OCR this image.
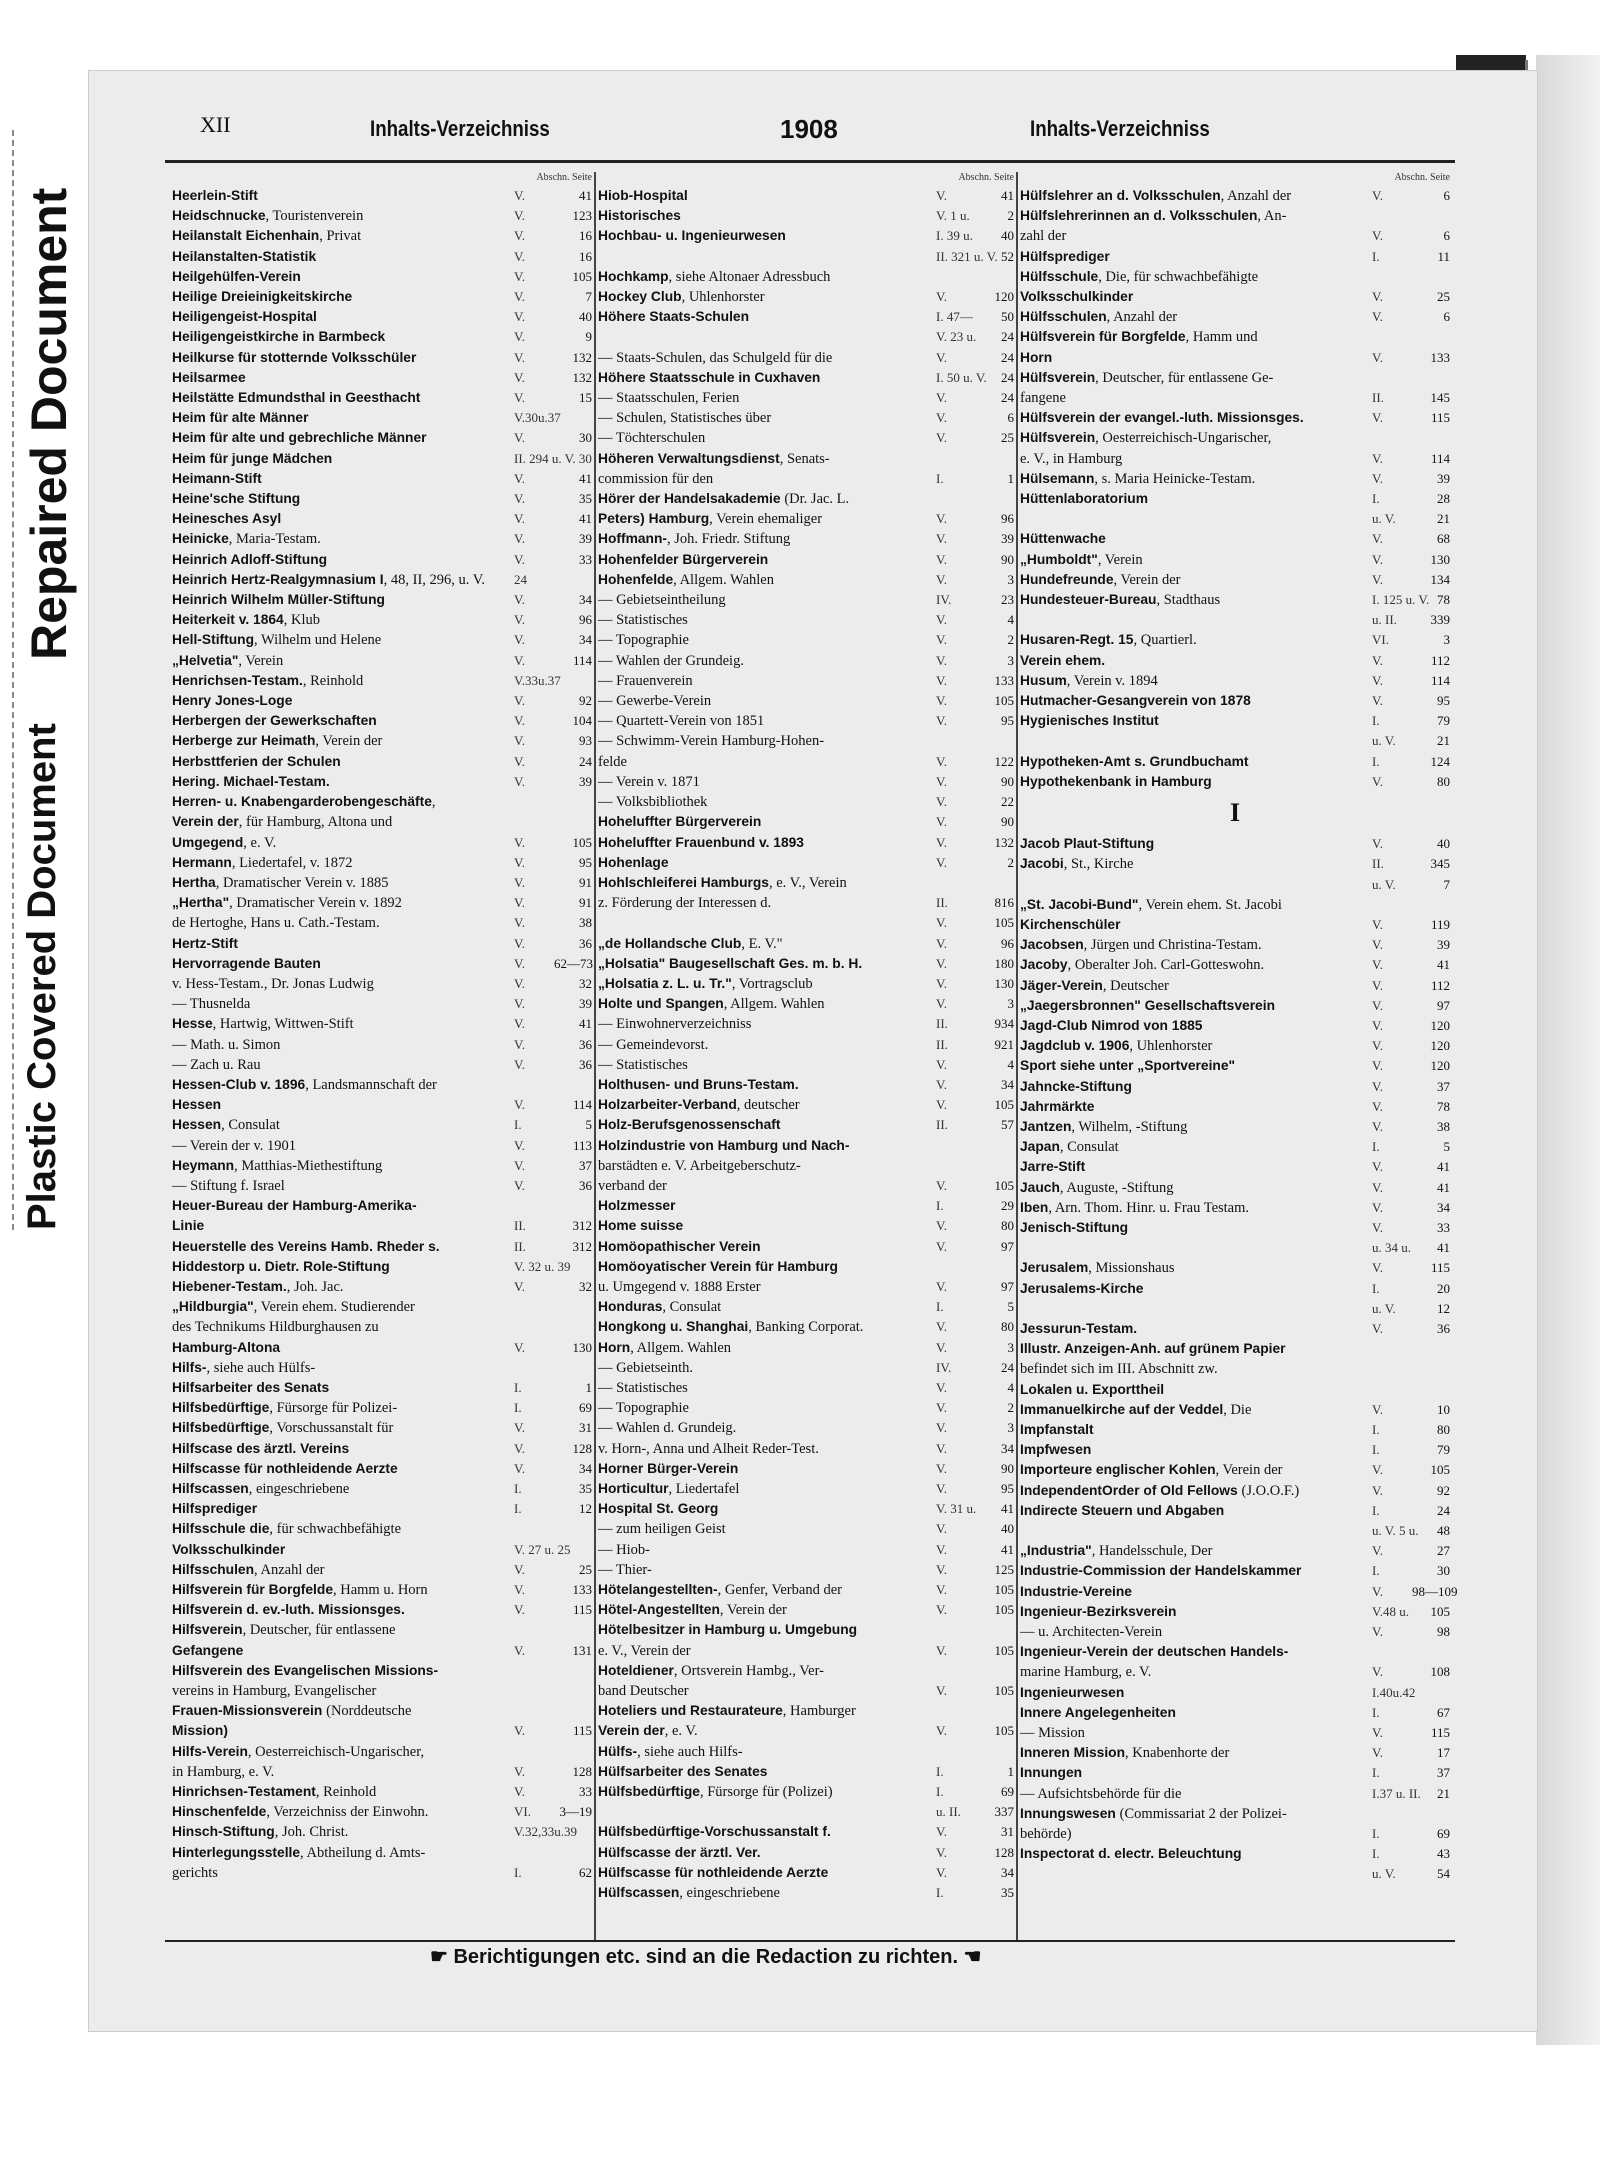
Plastic Covered Document
Repaired Document
XII	Inhalts-Verzeichniss	1908	Inhalts-Verzeichniss
Abschn. Seite
Heerlein-Stift	V.	41
Heidschnucke, Touristenverein	V.	123
Heilanstalt Eichenhain, Privat	V.	16
Heilanstalten-Statistik	V.	16
Heilgehülfen-Verein	V.	105
Heilige Dreieinigkeitskirche	V.	7
Heiligengeist-Hospital	V.	40
Heiligengeistkirche in Barmbeck	V.	9
Heilkurse für stotternde Volksschüler	V.	132
Heilsarmee	V.	132
Heilstätte Edmundsthal in Geesthacht	V.	15
Heim für alte Männer	V.30u.37
Heim für alte und gebrechliche Männer	V.	30
Heim für junge Mädchen	II. 294 u. V. 30
Heimann-Stift	V.	41
Heine'sche Stiftung	V.	35
Heinesches Asyl	V.	41
Heinicke, Maria-Testam.	V.	39
Heinrich Adloff-Stiftung	V.	33
Heinrich Hertz-Realgymnasium I, 48, II, 296, u. V.	24
Heinrich Wilhelm Müller-Stiftung	V.	34
Heiterkeit v. 1864, Klub	V.	96
Hell-Stiftung, Wilhelm und Helene	V.	34
„Helvetia", Verein	V.	114
Henrichsen-Testam., Reinhold	V.33u.37
Henry Jones-Loge	V.	92
Herbergen der Gewerkschaften	V.	104
Herberge zur Heimath, Verein der	V.	93
Herbsttferien der Schulen	V.	24
Hering. Michael-Testam.	V.	39
Herren- u. Knabengarderobengeschäfte,
Verein der, für Hamburg, Altona und
Umgegend, e. V.	V.	105
Hermann, Liedertafel, v. 1872	V.	95
Hertha, Dramatischer Verein v. 1885	V.	91
„Hertha", Dramatischer Verein v. 1892	V.	91
de Hertoghe, Hans u. Cath.-Testam.	V.	38
Hertz-Stift	V.	36
Hervorragende Bauten	V.	62—73
v. Hess-Testam., Dr. Jonas Ludwig	V.	32
— Thusnelda	V.	39
Hesse, Hartwig, Wittwen-Stift	V.	41
— Math. u. Simon	V.	36
— Zach u. Rau	V.	36
Hessen-Club v. 1896, Landsmannschaft der
Hessen	V.	114
Hessen, Consulat	I.	5
— Verein der v. 1901	V.	113
Heymann, Matthias-Miethestiftung	V.	37
— Stiftung f. Israel	V.	36
Heuer-Bureau der Hamburg-Amerika-
Linie	II.	312
Heuerstelle des Vereins Hamb. Rheder s.	II.	312
Hiddestorp u. Dietr. Role-Stiftung	V. 32 u. 39
Hiebener-Testam., Joh. Jac.	V.	32
„Hildburgia", Verein ehem. Studierender
des Technikums Hildburghausen zu
Hamburg-Altona	V.	130
Hilfs-, siehe auch Hülfs-
Hilfsarbeiter des Senats	I.	1
Hilfsbedürftige, Fürsorge für Polizei-	I.	69
Hilfsbedürftige, Vorschussanstalt für	V.	31
Hilfscase des ärztl. Vereins	V.	128
Hilfscasse für nothleidende Aerzte	V.	34
Hilfscassen, eingeschriebene	I.	35
Hilfsprediger	I.	12
Hilfsschule die, für schwachbefähigte
Volksschulkinder	V. 27 u. 25
Hilfsschulen, Anzahl der	V.	25
Hilfsverein für Borgfelde, Hamm u. Horn	V.	133
Hilfsverein d. ev.-luth. Missionsges.	V.	115
Hilfsverein, Deutscher, für entlassene
Gefangene	V.	131
Hilfsverein des Evangelischen Missions-
vereins in Hamburg, Evangelischer
Frauen-Missionsverein (Norddeutsche
Mission)	V.	115
Hilfs-Verein, Oesterreichisch-Ungarischer,
in Hamburg, e. V.	V.	128
Hinrichsen-Testament, Reinhold	V.	33
Hinschenfelde, Verzeichniss der Einwohn.	VI.	3—19
Hinsch-Stiftung, Joh. Christ.	V.32,33u.39
Hinterlegungsstelle, Abtheilung d. Amts-
gerichts	I.	62
Abschn. Seite
Hiob-Hospital	V.	41
Historisches	V. 1 u.	2
Hochbau- u. Ingenieurwesen	I. 39 u.	40
II. 321 u. V. 52
Hochkamp, siehe Altonaer Adressbuch
Hockey Club, Uhlenhorster	V.	120
Höhere Staats-Schulen	I. 47—	50
V. 23 u.	24
— Staats-Schulen, das Schulgeld für die	V.	24
Höhere Staatsschule in Cuxhaven	I. 50 u. V.	24
— Staatsschulen, Ferien	V.	24
— Schulen, Statistisches über	V.	6
— Töchterschulen	V.	25
Höheren Verwaltungsdienst, Senats-
commission für den	I.	1
Hörer der Handelsakademie (Dr. Jac. L.
Peters) Hamburg, Verein ehemaliger	V.	96
Hoffmann-, Joh. Friedr. Stiftung	V.	39
Hohenfelder Bürgerverein	V.	90
Hohenfelde, Allgem. Wahlen	V.	3
— Gebietseintheilung	IV.	23
— Statistisches	V.	4
— Topographie	V.	2
— Wahlen der Grundeig.	V.	3
— Frauenverein	V.	133
— Gewerbe-Verein	V.	105
— Quartett-Verein von 1851	V.	95
— Schwimm-Verein Hamburg-Hohen-
felde	V.	122
— Verein v. 1871	V.	90
— Volksbibliothek	V.	22
Hoheluffter Bürgerverein	V.	90
Hoheluffter Frauenbund v. 1893	V.	132
Hohenlage	V.	2
Hohlschleiferei Hamburgs, e. V., Verein
z. Förderung der Interessen d.	II.	816
V.	105
„de Hollandsche Club, E. V."	V.	96
„Holsatia" Baugesellschaft Ges. m. b. H.	V.	180
„Holsatia z. L. u. Tr.", Vortragsclub	V.	130
Holte und Spangen, Allgem. Wahlen	V.	3
— Einwohnerverzeichniss	II.	934
— Gemeindevorst.	II.	921
— Statistisches	V.	4
Holthusen- und Bruns-Testam.	V.	34
Holzarbeiter-Verband, deutscher	V.	105
Holz-Berufsgenossenschaft	II.	57
Holzindustrie von Hamburg und Nach-
barstädten e. V. Arbeitgeberschutz-
verband der	V.	105
Holzmesser	I.	29
Home suisse	V.	80
Homöopathischer Verein	V.	97
Homöoyatischer Verein für Hamburg
u. Umgegend v. 1888 Erster	V.	97
Honduras, Consulat	I.	5
Hongkong u. Shanghai, Banking Corporat.	V.	80
Horn, Allgem. Wahlen	V.	3
— Gebietseinth.	IV.	24
— Statistisches	V.	4
— Topographie	V.	2
— Wahlen d. Grundeig.	V.	3
v. Horn-, Anna und Alheit Reder-Test.	V.	34
Horner Bürger-Verein	V.	90
Horticultur, Liedertafel	V.	95
Hospital St. Georg	V. 31 u.	41
— zum heiligen Geist	V.	40
— Hiob-	V.	41
— Thier-	V.	125
Hötelangestellten-, Genfer, Verband der	V.	105
Hötel-Angestellten, Verein der	V.	105
Hötelbesitzer in Hamburg u. Umgebung
e. V., Verein der	V.	105
Hoteldiener, Ortsverein Hambg., Ver-
band Deutscher	V.	105
Hoteliers und Restaurateure, Hamburger
Verein der, e. V.	V.	105
Hülfs-, siehe auch Hilfs-
Hülfsarbeiter des Senates	I.	1
Hülfsbedürftige, Fürsorge für (Polizei)	I.	69
u. II.	337
Hülfsbedürftige-Vorschussanstalt f.	V.	31
Hülfscasse der ärztl. Ver.	V.	128
Hülfscasse für nothleidende Aerzte	V.	34
Hülfscassen, eingeschriebene	I.	35
Abschn. Seite
Hülfslehrer an d. Volksschulen, Anzahl der	V.	6
Hülfslehrerinnen an d. Volksschulen, An-
zahl der	V.	6
Hülfsprediger	I.	11
Hülfsschule, Die, für schwachbefähigte
Volksschulkinder	V.	25
Hülfsschulen, Anzahl der	V.	6
Hülfsverein für Borgfelde, Hamm und
Horn	V.	133
Hülfsverein, Deutscher, für entlassene Ge-
fangene	II.	145
Hülfsverein der evangel.-luth. Missionsges.	V.	115
Hülfsverein, Oesterreichisch-Ungarischer,
e. V., in Hamburg	V.	114
Hülsemann, s. Maria Heinicke-Testam.	V.	39
Hüttenlaboratorium	I.	28
u. V.	21
Hüttenwache	V.	68
„Humboldt", Verein	V.	130
Hundefreunde, Verein der	V.	134
Hundesteuer-Bureau, Stadthaus	I. 125 u. V. 78
u. II.	339
Husaren-Regt. 15, Quartierl.	VI.	3
Verein ehem.	V.	112
Husum, Verein v. 1894	V.	114
Hutmacher-Gesangverein von 1878	V.	95
Hygienisches Institut	I.	79
u. V.	21
Hypotheken-Amt s. Grundbuchamt	I.	124
Hypothekenbank in Hamburg	V.	80
I
Jacob Plaut-Stiftung	V.	40
Jacobi, St., Kirche	II.	345
u. V.	7
„St. Jacobi-Bund", Verein ehem. St. Jacobi
Kirchenschüler	V.	119
Jacobsen, Jürgen und Christina-Testam.	V.	39
Jacoby, Oberalter Joh. Carl-Gotteswohn.	V.	41
Jäger-Verein, Deutscher	V.	112
„Jaegersbronnen" Gesellschaftsverein	V.	97
Jagd-Club Nimrod von 1885	V.	120
Jagdclub v. 1906, Uhlenhorster	V.	120
Sport siehe unter „Sportvereine"	V.	120
Jahncke-Stiftung	V.	37
Jahrmärkte	V.	78
Jantzen, Wilhelm, -Stiftung	V.	38
Japan, Consulat	I.	5
Jarre-Stift	V.	41
Jauch, Auguste, -Stiftung	V.	41
Iben, Arn. Thom. Hinr. u. Frau Testam.	V.	34
Jenisch-Stiftung	V.	33
u. 34 u.	41
Jerusalem, Missionshaus	V.	115
Jerusalems-Kirche	I.	20
u. V.	12
Jessurun-Testam.	V.	36
Illustr. Anzeigen-Anh. auf grünem Papier
befindet sich im III. Abschnitt zw.
Lokalen u. Exporttheil
Immanuelkirche auf der Veddel, Die	V.	10
Impfanstalt	I.	80
Impfwesen	I.	79
Importeure englischer Kohlen, Verein der	V.	105
IndependentOrder of Old Fellows (J.O.O.F.)	V.	92
Indirecte Steuern und Abgaben	I.	24
u. V. 5 u.	48
„Industria", Handelsschule, Der	V.	27
Industrie-Commission der Handelskammer	I.	30
Industrie-Vereine	V.	98—109
Ingenieur-Bezirksverein	V.48 u.	105
— u. Architecten-Verein	V.	98
Ingenieur-Verein der deutschen Handels-
marine Hamburg, e. V.	V.	108
Ingenieurwesen	I.40u.42
Innere Angelegenheiten	I.	67
— Mission	V.	115
Inneren Mission, Knabenhorte der	V.	17
Innungen	I.	37
— Aufsichtsbehörde für die	I.37 u. II.	21
Innungswesen (Commissariat 2 der Polizei-
behörde)	I.	69
Inspectorat d. electr. Beleuchtung	I.	43
u. V.	54
☛ Berichtigungen etc. sind an die Redaction zu richten. ☚
